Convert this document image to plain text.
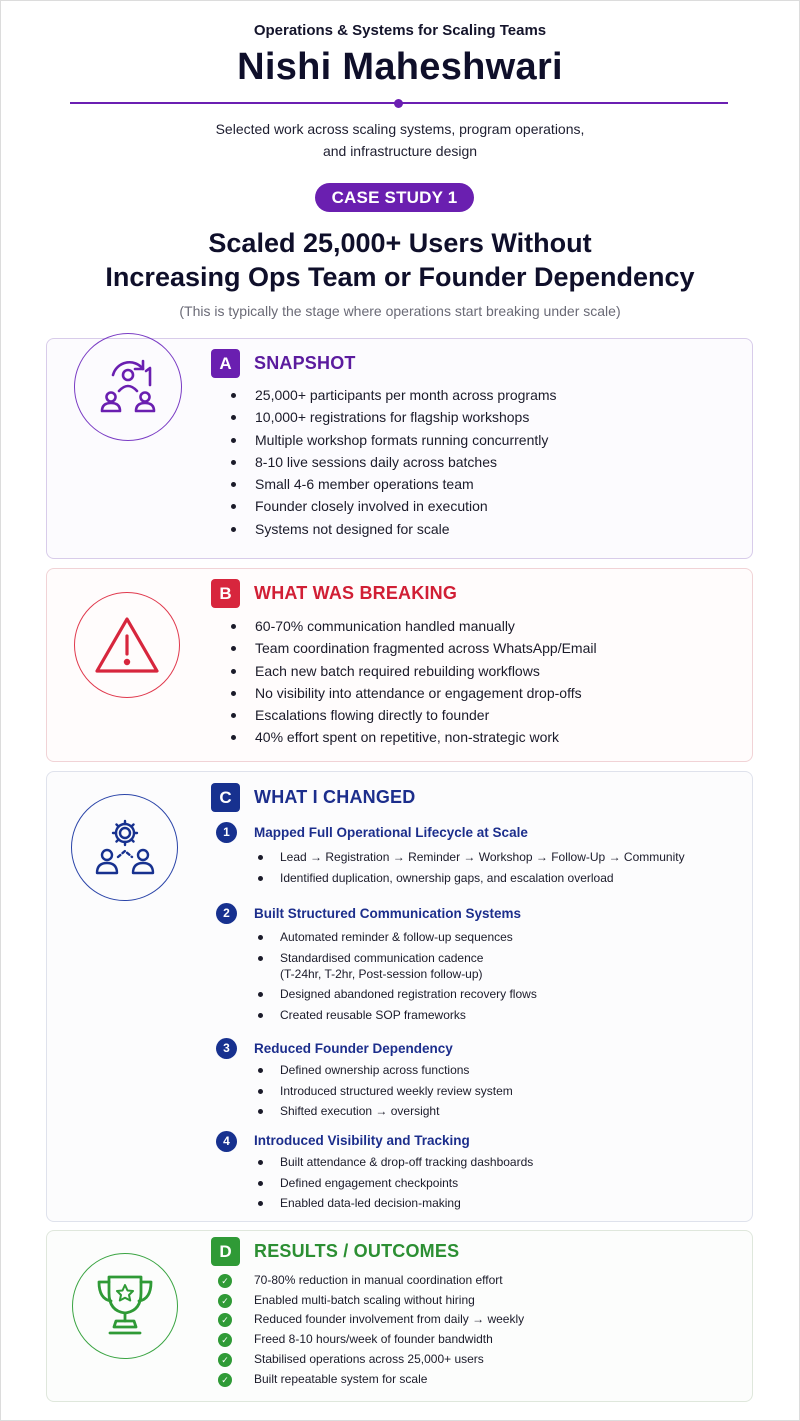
Operations & Systems for Scaling Teams
Nishi Maheshwari
Selected work across scaling systems, program operations,
and infrastructure design
CASE STUDY 1
Scaled 25,000+ Users Without
Increasing Ops Team or Founder Dependency
(This is typically the stage where operations start breaking under scale)
A	SNAPSHOT
25,000+ participants per month across programs
10,000+ registrations for flagship workshops
Multiple workshop formats running concurrently
8-10 live sessions daily across batches
Small 4-6 member operations team
Founder closely involved in execution
Systems not designed for scale
B	WHAT WAS BREAKING
60-70% communication handled manually
Team coordination fragmented across WhatsApp/Email
Each new batch required rebuilding workflows
No visibility into attendance or engagement drop-offs
Escalations flowing directly to founder
40% effort spent on repetitive, non-strategic work
C	WHAT I CHANGED
1	Mapped Full Operational Lifecycle at Scale
Lead → Registration → Reminder → Workshop → Follow-Up → Community
Identified duplication, ownership gaps, and escalation overload
2	Built Structured Communication Systems
Automated reminder & follow-up sequences
Standardised communication cadence
(T-24hr, T-2hr, Post-session follow-up)
Designed abandoned registration recovery flows
Created reusable SOP frameworks
3	Reduced Founder Dependency
Defined ownership across functions
Introduced structured weekly review system
Shifted execution → oversight
4	Introduced Visibility and Tracking
Built attendance & drop-off tracking dashboards
Defined engagement checkpoints
Enabled data-led decision-making
D	RESULTS / OUTCOMES
✓ 70-80% reduction in manual coordination effort
✓ Enabled multi-batch scaling without hiring
✓ Reduced founder involvement from daily → weekly
✓ Freed 8-10 hours/week of founder bandwidth
✓ Stabilised operations across 25,000+ users
✓ Built repeatable system for scale
